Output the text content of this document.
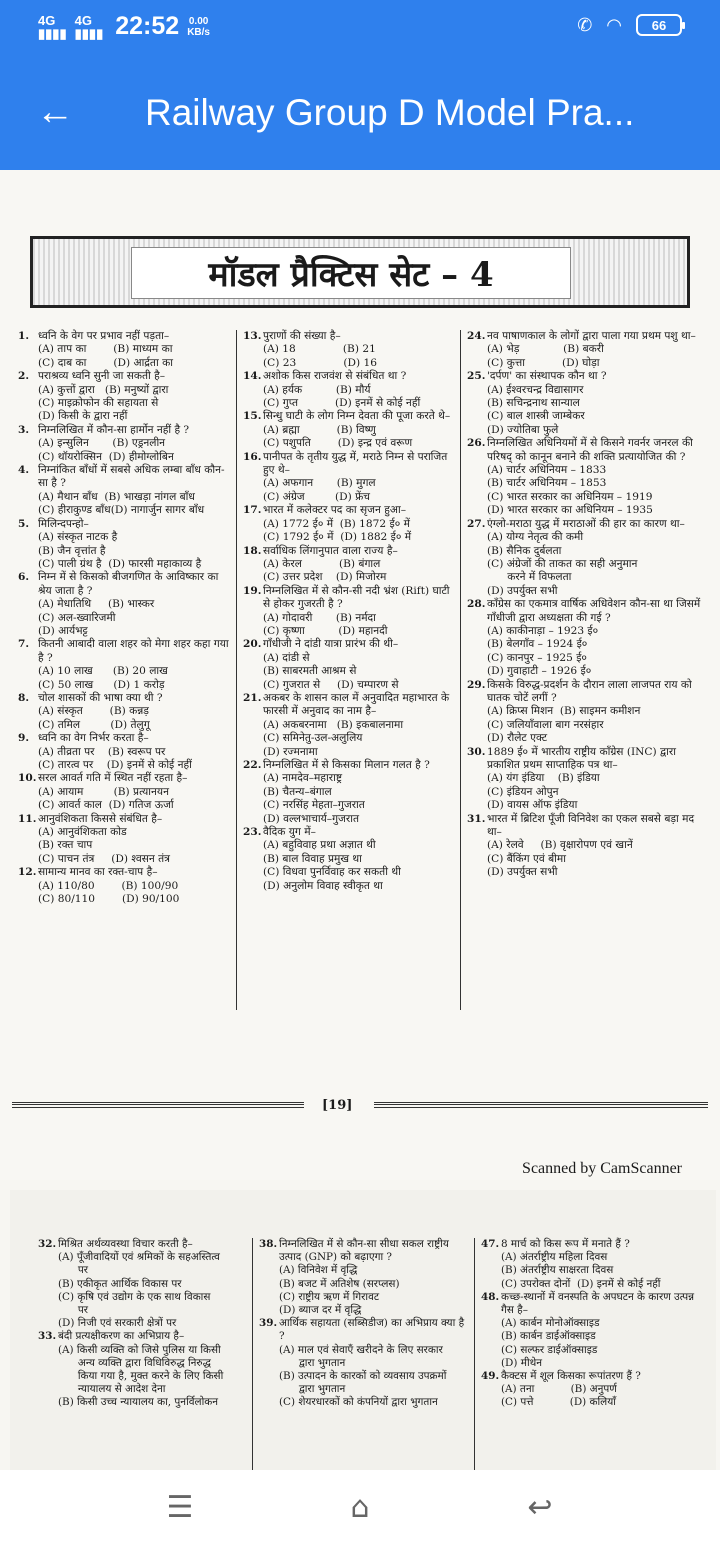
4G
▮▮▮▮
4G
▮▮▮▮ 22:52 0.00
KB/s	✆ ◠ 66
← Railway Group D Model Pra...
मॉडल प्रैक्टिस सेट – 4
1. ध्वनि के वेग पर प्रभाव नहीं पड़ता–
(A) ताप का        (B) माध्यम का
(C) दाब का        (D) आर्द्रता का
2. पराश्रव्य ध्वनि सुनी जा सकती है–
(A) कुत्तों द्वारा   (B) मनुष्यों द्वारा
(C) माइक्रोफोन की सहायता से
(D) किसी के द्वारा नहीं
3. निम्नलिखित में कौन-सा हार्मोन नहीं है ?
(A) इन्सुलिन       (B) एड्रनलीन
(C) थॉयरोक्सिन  (D) हीमोग्लोबिन
4. निम्नांकित बाँधों में सबसे अधिक लम्बा बाँध कौन-सा है ?
(A) मैथान बाँध  (B) भाखड़ा नांगल बाँध
(C) हीराकुण्ड बाँध(D) नागार्जुन सागर बाँध
5. मिलिन्दपन्हो–
(A) संस्कृत नाटक है
(B) जैन वृत्तांत है
(C) पाली ग्रंथ है  (D) फारसी महाकाव्य है
6. निम्न में से किसको बीजगणित के आविष्कार का श्रेय जाता है ?
(A) मेधातिथि     (B) भास्कर
(C) अल-ख्वारिजमी
(D) आर्यभट्ट
7. कितनी आबादी वाला शहर को मेगा शहर कहा गया है ?
(A) 10 लाख      (B) 20 लाख
(C) 50 लाख      (D) 1 करोड़
8. चोल शासकों की भाषा क्या थी ?
(A) संस्कृत        (B) कन्नड़
(C) तमिल         (D) तेलुगू
9. ध्वनि का वेग निर्भर करता है–
(A) तीव्रता पर    (B) स्वरूप पर
(C) तारत्व पर    (D) इनमें से कोई नहीं
10. सरल आवर्त गति में स्थित नहीं रहता है–
(A) आयाम         (B) प्रत्यानयन
(C) आवर्त काल  (D) गतिज ऊर्जा
11. आनुवंशिकता किससे संबंधित है–
(A) आनुवंशिकता कोड
(B) रक्त चाप
(C) पाचन तंत्र     (D) श्वसन तंत्र
12. सामान्य मानव का रक्त-चाप है–
(A) 110/80        (B) 100/90
(C) 80/110        (D) 90/100
13. पुराणों की संख्या है–
(A) 18              (B) 21
(C) 23              (D) 16
14. अशोक किस राजवंश से संबंधित था ?
(A) हर्यक          (B) मौर्य
(C) गुप्त           (D) इनमें से कोई नहीं
15. सिन्धु घाटी के लोग निम्न देवता की पूजा करते थे–
(A) ब्रह्मा           (B) विष्णु
(C) पशुपति        (D) इन्द्र एवं वरूण
16. पानीपत के तृतीय युद्ध में, मराठे निम्न से पराजित हुए थे–
(A) अफगान       (B) मुगल
(C) अंग्रेज         (D) फ्रेंच
17. भारत में कलेक्टर पद का सृजन हुआ–
(A) 1772 ई० में  (B) 1872 ई० में
(C) 1792 ई० में  (D) 1882 ई० में
18. सर्वाधिक लिंगानुपात वाला राज्य है–
(A) केरल           (B) बंगाल
(C) उत्तर प्रदेश    (D) मिजोरम
19. निम्नलिखित में से कौन-सी नदी भ्रंश (Rift) घाटी से होकर गुजरती है ?
(A) गोदावरी       (B) नर्मदा
(C) कृष्णा          (D) महानदी
20. गाँधीजी ने दांडी यात्रा प्रारंभ की थी–
(A) दांडी से
(B) साबरमती आश्रम से
(C) गुजरात से     (D) चम्पारण से
21. अकबर के शासन काल में अनुवादित महाभारत के फारसी में अनुवाद का नाम है–
(A) अकबरनामा   (B) इकबालनामा
(C) समिनेतु-उल-अलुलिय
(D) रज्मनामा
22. निम्नलिखित में से किसका मिलान गलत है ?
(A) नामदेव–महाराष्ट्र
(B) चैतन्य–बंगाल
(C) नरसिंह मेहता–गुजरात
(D) वल्लभाचार्य–गुजरात
23. वैदिक युग में–
(A) बहुविवाह प्रथा अज्ञात थी
(B) बाल विवाह प्रमुख था
(C) विधवा पुनर्विवाह कर सकती थी
(D) अनुलोम विवाह स्वीकृत था
24. नव पाषाणकाल के लोगों द्वारा पाला गया प्रथम पशु था–
(A) भेड़             (B) बकरी
(C) कुत्ता           (D) घोड़ा
25. 'दर्पण' का संस्थापक कौन था ?
(A) ईश्वरचन्द्र विद्यासागर
(B) सचिन्द्रनाथ सान्याल
(C) बाल शास्त्री जाम्बेकर
(D) ज्योतिबा फुले
26. निम्नलिखित अधिनियमों में से किसने गवर्नर जनरल की परिषद् को कानून बनाने की शक्ति प्रत्यायोजित की ?
(A) चार्टर अधिनियम – 1833
(B) चार्टर अधिनियम – 1853
(C) भारत सरकार का अधिनियम – 1919
(D) भारत सरकार का अधिनियम – 1935
27. एंग्लो-मराठा युद्ध में मराठाओं की हार का कारण था–
(A) योग्य नेतृत्व की कमी
(B) सैनिक दुर्बलता
(C) अंग्रेजों की ताकत का सही अनुमान
करने में विफलता
(D) उपर्युक्त सभी
28. काँग्रेस का एकमात्र वार्षिक अधिवेशन कौन-सा था जिसमें गाँधीजी द्वारा अध्यक्षता की गई ?
(A) काकीनाड़ा – 1923 ई०
(B) बेलगाँव – 1924 ई०
(C) कानपुर – 1925 ई०
(D) गुवाहाटी – 1926 ई०
29. किसके विरुद्ध-प्रदर्शन के दौरान लाला लाजपत राय को घातक चोटें लगीं ?
(A) क्रिप्स मिशन  (B) साइमन कमीशन
(C) जलियाँवाला बाग नरसंहार
(D) रौलेट एक्ट
30. 1889 ई० में भारतीय राष्ट्रीय काँग्रेस (INC) द्वारा प्रकाशित प्रथम साप्ताहिक पत्र था–
(A) यंग इंडिया    (B) इंडिया
(C) इंडियन ओपुन
(D) वायस ऑफ इंडिया
31. भारत में ब्रिटिश पूँजी विनिवेश का एकल सबसे बड़ा मद था–
(A) रेलवे     (B) वृक्षारोपण एवं खानें
(C) बैंकिंग एवं बीमा
(D) उपर्युक्त सभी
[19]
Scanned by CamScanner
32. मिश्रित अर्थव्यवस्था विचार करती है–
(A) पूँजीवादियों एवं श्रमिकों के सहअस्तित्व
पर
(B) एकीकृत आर्थिक विकास पर
(C) कृषि एवं उद्योग के एक साथ विकास
पर
(D) निजी एवं सरकारी क्षेत्रों पर
33. बंदी प्रत्यक्षीकरण का अभिप्राय है–
(A) किसी व्यक्ति को जिसे पुलिस या किसी
अन्य व्यक्ति द्वारा विधिविरुद्ध निरुद्ध
किया गया है, मुक्त करने के लिए किसी
न्यायालय से आदेश देना
(B) किसी उच्च न्यायालय का, पुनर्विलोकन
38. निम्नलिखित में से कौन-सा सीधा सकल राष्ट्रीय उत्पाद (GNP) को बढ़ाएगा ?
(A) विनिवेश में वृद्धि
(B) बजट में अतिशेष (सरप्लस)
(C) राष्ट्रीय ऋण में गिरावट
(D) ब्याज दर में वृद्धि
39. आर्थिक सहायता (सब्सिडीज) का अभिप्राय क्या है ?
(A) माल एवं सेवाएँ खरीदने के लिए सरकार
द्वारा भुगतान
(B) उत्पादन के कारकों को व्यवसाय उपक्रमों
द्वारा भुगतान
(C) शेयरधारकों को कंपनियों द्वारा भुगतान
47. 8 मार्च को किस रूप में मनाते हैं ?
(A) अंतर्राष्ट्रीय महिला दिवस
(B) अंतर्राष्ट्रीय साक्षरता दिवस
(C) उपरोक्त दोनों  (D) इनमें से कोई नहीं
48. कच्छ-स्थानों में वनस्पति के अपघटन के कारण उत्पन्न गैस है–
(A) कार्बन मोनोऑक्साइड
(B) कार्बन डाईऑक्साइड
(C) सल्फर डाईऑक्साइड
(D) मीथेन
49. कैक्टस में शूल किसका रूपांतरण हैं ?
(A) तना           (B) अनुपर्ण
(C) पत्ते           (D) कलियाँ
☰	⌂	↩
